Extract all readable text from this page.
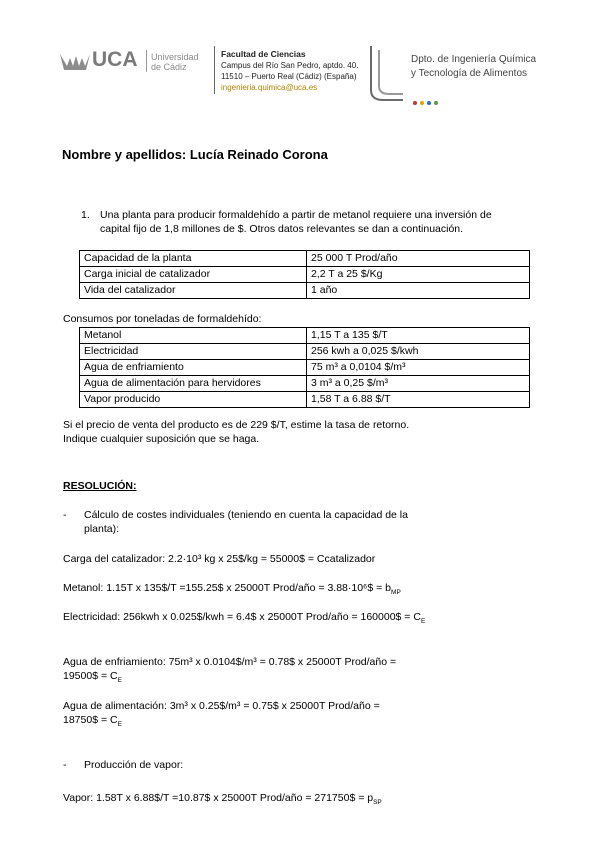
UCA Universidad
de Cádiz
Facultad de Ciencias
Campus del Río San Pedro, aptdo. 40.
11510 – Puerto Real (Cádiz) (España)
ingenieria.quimica@uca.es
Dpto. de Ingeniería Química
y Tecnología de Alimentos
Nombre y apellidos: Lucía Reinado Corona
1. Una planta para producir formaldehído a partir de metanol requiere una inversión de capital fijo de 1,8 millones de $. Otros datos relevantes se dan a continuación.
Capacidad de la planta	25 000 T Prod/año
Carga inicial de catalizador	2,2 T a 25 $/Kg
Vida del catalizador	1 año
Consumos por toneladas de formaldehído:
Metanol	1,15 T a 135 $/T
Electricidad	256 kwh a 0,025 $/kwh
Agua de enfriamiento	75 m³ a 0,0104 $/m³
Agua de alimentación para hervidores	3 m³ a 0,25 $/m³
Vapor producido	1,58 T a 6.88 $/T
Si el precio de venta del producto es de 229 $/T, estime la tasa de retorno.
Indique cualquier suposición que se haga.
RESOLUCIÓN:
- Cálculo de costes individuales (teniendo en cuenta la capacidad de la planta):
Carga del catalizador: 2.2·10³ kg x 25$/kg = 55000$ = Ccatalizador
Metanol: 1.15T x 135$/T =155.25$ x 25000T Prod/año = 3.88·10⁶$ = $b_{MP}$
Electricidad: 256kwh x 0.025$/kwh = 6.4$ x 25000T Prod/año = 160000$ = $C_E$
Agua de enfriamiento: 75m³ x 0.0104$/m³ = 0.78$ x 25000T Prod/año =
19500$ = $C_E$
Agua de alimentación: 3m³ x 0.25$/m³ = 0.75$ x 25000T Prod/año =
18750$ = $C_E$
- Producción de vapor:
Vapor: 1.58T x 6.88$/T =10.87$ x 25000T Prod/año = 271750$ = $p_{SP}$
